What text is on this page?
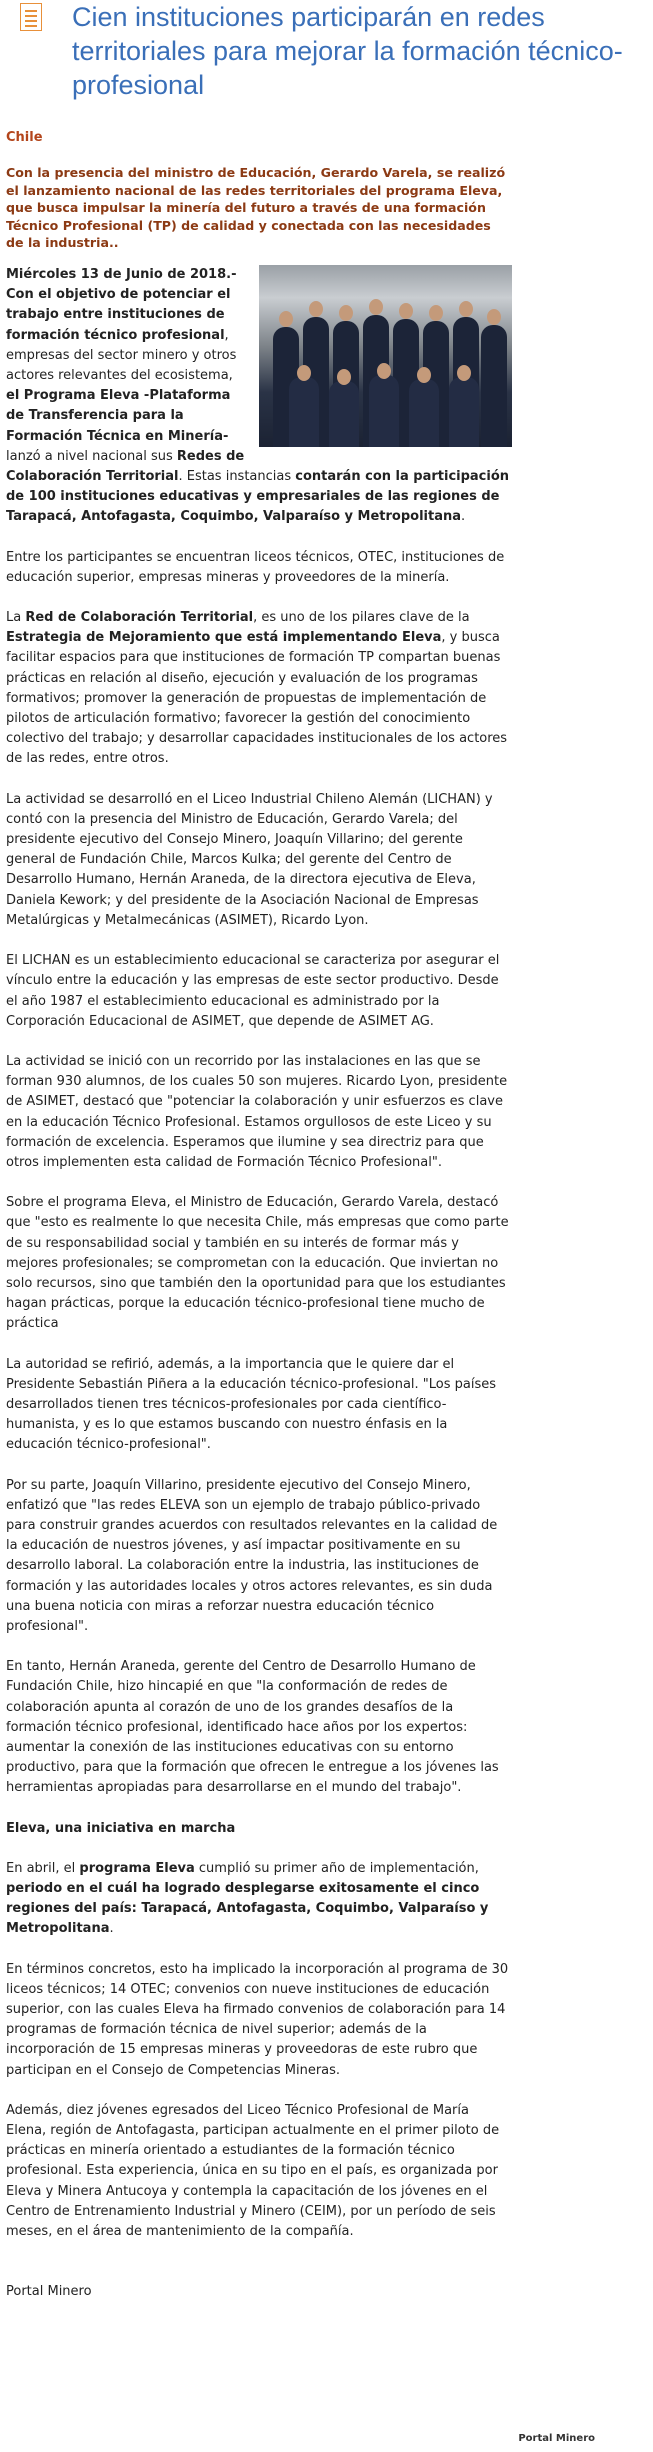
Cien instituciones participarán en redes territoriales para mejorar la formación técnico-profesional

Chile

Con la presencia del ministro de Educación, Gerardo Varela, se realizó el lanzamiento nacional de las redes territoriales del programa Eleva, que busca impulsar la minería del futuro a través de una formación Técnico Profesional (TP) de calidad y conectada con las necesidades de la industria..

Miércoles 13 de Junio de 2018.- Con el objetivo de potenciar el trabajo entre instituciones de formación técnico profesional, empresas del sector minero y otros actores relevantes del ecosistema, el Programa Eleva -Plataforma de Transferencia para la Formación Técnica en Minería- lanzó a nivel nacional sus Redes de Colaboración Territorial. Estas instancias contarán con la participación de 100 instituciones educativas y empresariales de las regiones de Tarapacá, Antofagasta, Coquimbo, Valparaíso y Metropolitana.

Entre los participantes se encuentran liceos técnicos, OTEC, instituciones de educación superior, empresas mineras y proveedores de la minería.

La Red de Colaboración Territorial, es uno de los pilares clave de la Estrategia de Mejoramiento que está implementando Eleva, y busca facilitar espacios para que instituciones de formación TP compartan buenas prácticas en relación al diseño, ejecución y evaluación de los programas formativos; promover la generación de propuestas de implementación de pilotos de articulación formativo; favorecer la gestión del conocimiento colectivo del trabajo; y desarrollar capacidades institucionales de los actores de las redes, entre otros.

La actividad se desarrolló en el Liceo Industrial Chileno Alemán (LICHAN) y contó con la presencia del Ministro de Educación, Gerardo Varela; del presidente ejecutivo del Consejo Minero, Joaquín Villarino; del gerente general de Fundación Chile, Marcos Kulka; del gerente del Centro de Desarrollo Humano, Hernán Araneda, de la directora ejecutiva de Eleva, Daniela Kework; y del presidente de la Asociación Nacional de Empresas Metalúrgicas y Metalmecánicas (ASIMET), Ricardo Lyon.

El LICHAN es un establecimiento educacional se caracteriza por asegurar el vínculo entre la educación y las empresas de este sector productivo. Desde el año 1987 el establecimiento educacional es administrado por la Corporación Educacional de ASIMET, que depende de ASIMET AG.

La actividad se inició con un recorrido por las instalaciones en las que se forman 930 alumnos, de los cuales 50 son mujeres. Ricardo Lyon, presidente de ASIMET, destacó que "potenciar la colaboración y unir esfuerzos es clave en la educación Técnico Profesional. Estamos orgullosos de este Liceo y su formación de excelencia. Esperamos que ilumine y sea directriz para que otros implementen esta calidad de Formación Técnico Profesional".

Sobre el programa Eleva, el Ministro de Educación, Gerardo Varela, destacó que "esto es realmente lo que necesita Chile, más empresas que como parte de su responsabilidad social y también en su interés de formar más y mejores profesionales; se comprometan con la educación. Que inviertan no solo recursos, sino que también den la oportunidad para que los estudiantes hagan prácticas, porque la educación técnico-profesional tiene mucho de práctica

La autoridad se refirió, además, a la importancia que le quiere dar el Presidente Sebastián Piñera a la educación técnico-profesional. "Los países desarrollados tienen tres técnicos-profesionales por cada científico-humanista, y es lo que estamos buscando con nuestro énfasis en la educación técnico-profesional".

Por su parte, Joaquín Villarino, presidente ejecutivo del Consejo Minero, enfatizó que "las redes ELEVA son un ejemplo de trabajo público-privado para construir grandes acuerdos con resultados relevantes en la calidad de la educación de nuestros jóvenes, y así impactar positivamente en su desarrollo laboral. La colaboración entre la industria, las instituciones de formación y las autoridades locales y otros actores relevantes, es sin duda una buena noticia con miras a reforzar nuestra educación técnico profesional".

En tanto, Hernán Araneda, gerente del Centro de Desarrollo Humano de Fundación Chile, hizo hincapié en que "la conformación de redes de colaboración apunta al corazón de uno de los grandes desafíos de la formación técnico profesional, identificado hace años por los expertos: aumentar la conexión de las instituciones educativas con su entorno productivo, para que la formación que ofrecen le entregue a los jóvenes las herramientas apropiadas para desarrollarse en el mundo del trabajo".

Eleva, una iniciativa en marcha

En abril, el programa Eleva cumplió su primer año de implementación, periodo en el cuál ha logrado desplegarse exitosamente el cinco regiones del país: Tarapacá, Antofagasta, Coquimbo, Valparaíso y Metropolitana.

En términos concretos, esto ha implicado la incorporación al programa de 30 liceos técnicos; 14 OTEC; convenios con nueve instituciones de educación superior, con las cuales Eleva ha firmado convenios de colaboración para 14 programas de formación técnica de nivel superior; además de la incorporación de 15 empresas mineras y proveedoras de este rubro que participan en el Consejo de Competencias Mineras.

Además, diez jóvenes egresados del Liceo Técnico Profesional de María Elena, región de Antofagasta, participan actualmente en el primer piloto de prácticas en minería orientado a estudiantes de la formación técnico profesional. Esta experiencia, única en su tipo en el país, es organizada por Eleva y Minera Antucoya y contempla la capacitación de los jóvenes en el Centro de Entrenamiento Industrial y Minero (CEIM), por un período de seis meses, en el área de mantenimiento de la compañía.

Portal Minero

Portal Minero
